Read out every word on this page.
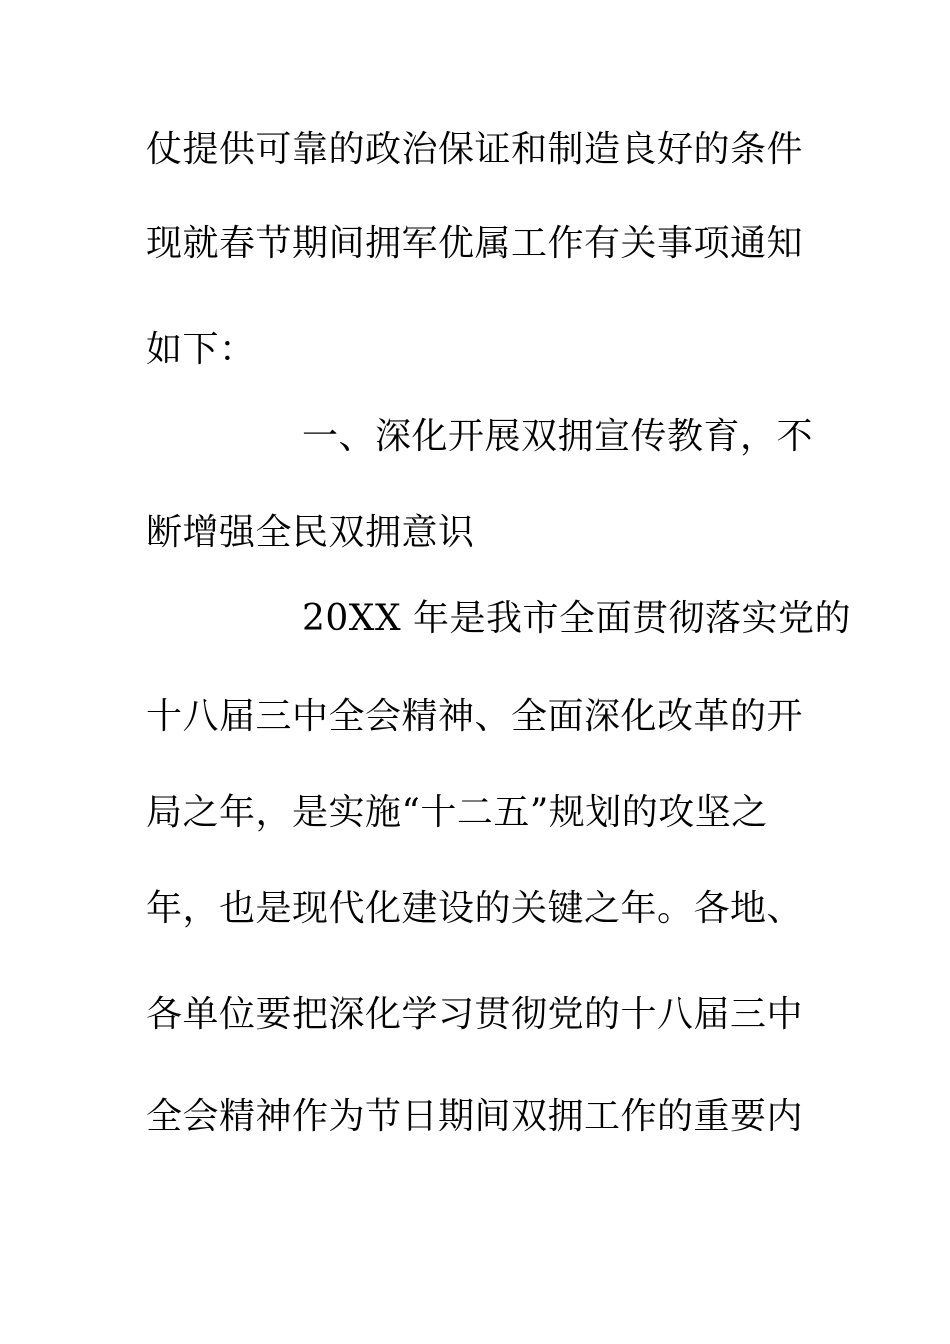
仗提供可靠的政治保证和制造良好的条件
现就春节期间拥军优属工作有关事项通知
如下：
一、深化开展双拥宣传教育，不
断增强全民双拥意识
20XX 年是我市全面贯彻落实党的
十八届三中全会精神、全面深化改革的开
局之年，是实施“十二五”规划的攻坚之
年，也是现代化建设的关键之年。各地、
各单位要把深化学习贯彻党的十八届三中
全会精神作为节日期间双拥工作的重要内
